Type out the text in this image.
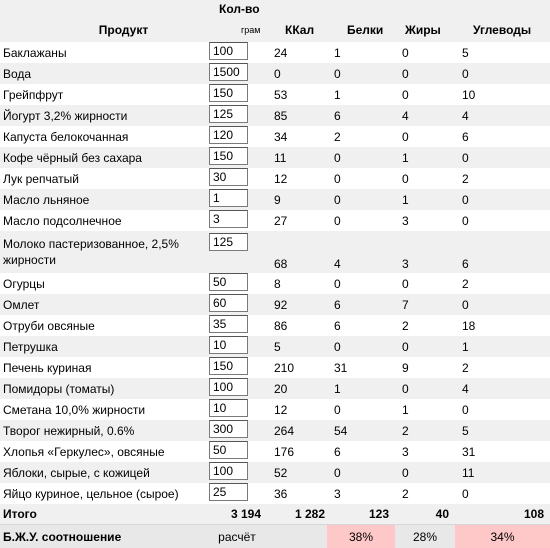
	Кол-во				
Продукт	грам	ККал	Белки	Жиры	Углеводы
Баклажаны	100	24	1	0	5
Вода	1500	0	0	0	0
Грейпфрут	150	53	1	0	10
Йогурт 3,2% жирности	125	85	6	4	4
Капуста белокочанная	120	34	2	0	6
Кофе чёрный без сахара	150	11	0	1	0
Лук репчатый	30	12	0	0	2
Масло льняное	1	9	0	1	0
Масло подсолнечное	3	27	0	3	0
Молоко пастеризованное, 2,5% жирности	125	68	4	3	6
Огурцы	50	8	0	0	2
Омлет	60	92	6	7	0
Отруби овсяные	35	86	6	2	18
Петрушка	10	5	0	0	1
Печень куриная	150	210	31	9	2
Помидоры (томаты)	100	20	1	0	4
Сметана 10,0% жирности	10	12	0	1	0
Творог нежирный, 0.6%	300	264	54	2	5
Хлопья «Геркулес», овсяные	50	176	6	3	31
Яблоки, сырые, с кожицей	100	52	0	0	11
Яйцо куриное, цельное (сырое)	25	36	3	2	0
Итого	3 194	1 282	123	40	108
Б.Ж.У. соотношение	расчёт		38%	28%	34%
